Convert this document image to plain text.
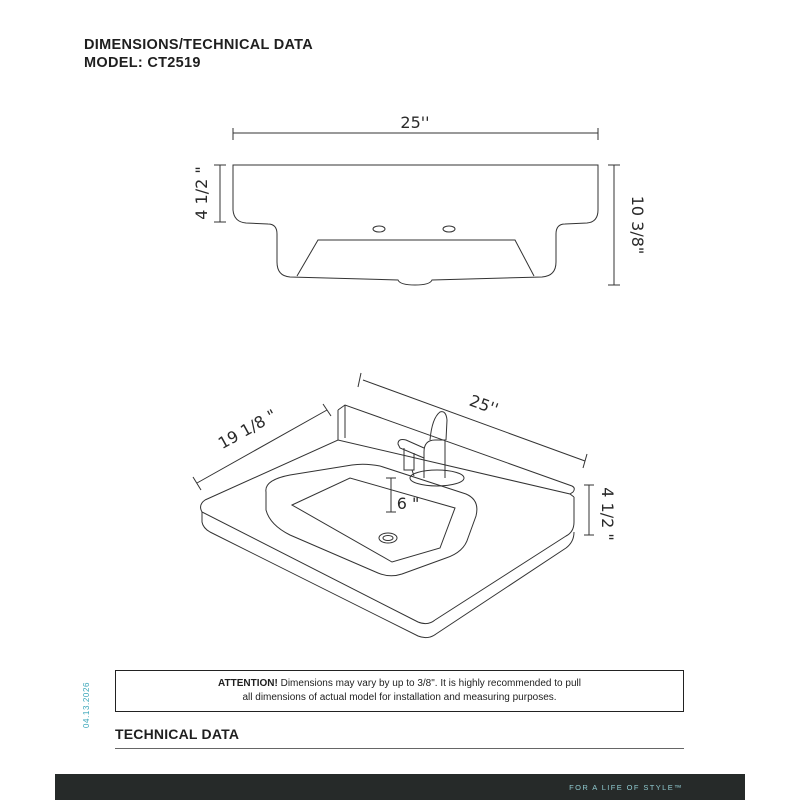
DIMENSIONS/TECHNICAL DATA
MODEL: CT2519
04.13.2026
25''
4 1/2 "
10 3/8"
25''
19 1/8 "
6 "	4 1/2 "
ATTENTION! Dimensions may vary by up to 3/8". It is highly recommended to pull
all dimensions of actual model for installation and measuring purposes.
TECHNICAL DATA
FOR A LIFE OF STYLE™
